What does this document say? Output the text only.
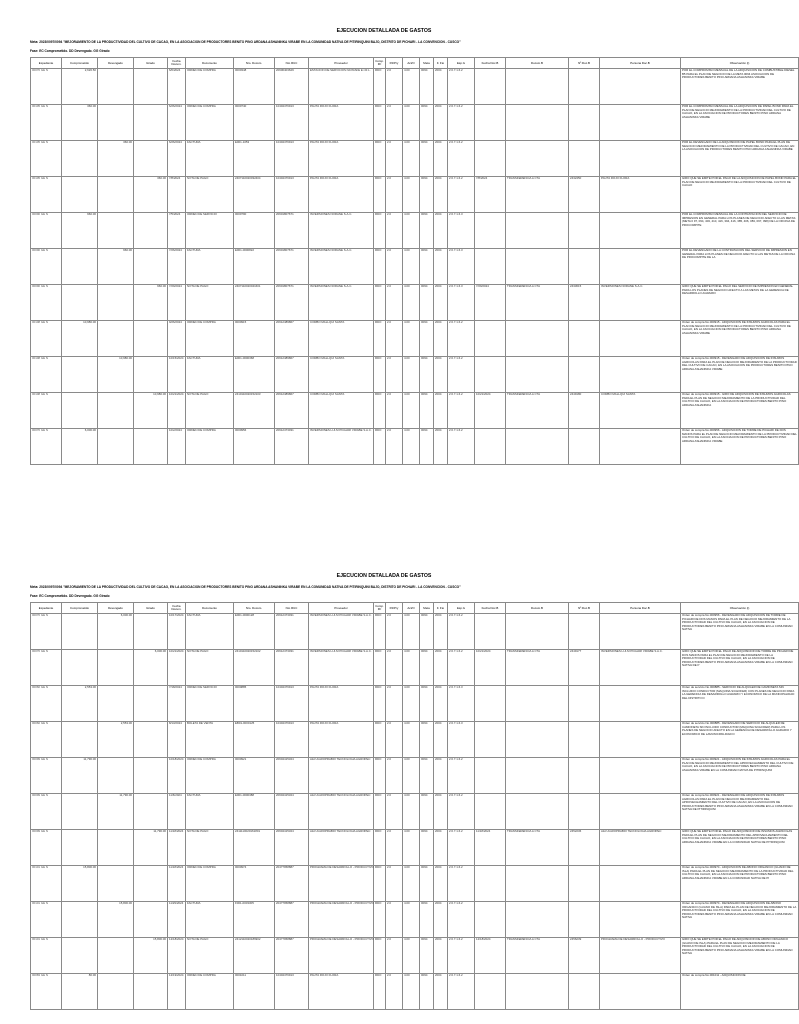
EJECUCION DETALLADA DE GASTOS
Meta: 2023/0097/0094 "MEJORAMIENTO DE LA PRODUCTIVIDAD DEL CULTIVO DE CACAO, EN LA ASOCIACION DE PRODUCTORES BENITO PINO ARDANA ASHANINKA VIRABE EN LA COMUNIDAD NATIVA DE PITIRINQUINI BAJO, DISTRITO DE PICHARI - LA CONVENCION - CUSCO"
Fase: EC Comprometido. DD Devengado. GG Girado
Expediente	Comprometido	Devengado	Girado	Fecha Docum.	Documento	Nro. Docum.	Nro RUC	Proveedor	Comp. FF	Pd/Pry	Act/O	Meta	F. Fto	Esp.G	Fecha Doc.B	Docum.B	Nº.Doc.B	Persona Doc.B	Observación (i)
00076 GE N	2,626.50			6/6/2024	ORDEN DE COMPRA	0000348	20606403629	ESTACION DE SERVICIOS NAYRAFE E.I.R.L.	RDO	2.0	4.00	0094	2004	2.6.7.1.6.2					POR EL COMPROMISO MENSUAL DE LA ADQUISICION DE COMBUSTIBLE DIESEL B5 PARA EL PLAN DE NEGOCIO DE LA META 0094 ASOCIACION DE PRODUCTORES BENITO PINO ARDANA ASHANINKA VIRABE
00105 GE N	360.00			6/26/2024	ORDEN DE COMPRA	0000740	10404476913	PAUTA ROJO FLORA	RDO	2.0	4.00	0094	2004	2.6.7.1.6.2					POR EL COMPROMISO MENSUAL DE LA ADQUISICION DE PAPEL BOND PARA EL PLAN DE NEGOCIO MEJORAMIENTO DE LA PRODUCTIVIDAD DEL CULTIVO DE CACAO, EN LA ASOCIACION DE PRODUCTORES BENITO PINO ARDANA ASHANINKA VIRABE
00105 GE N		360.00		6/26/2024	FACTURA	E001-1053	10404476913	PAUTA ROJO FLORA	RDO	2.0	4.00	0094	2004	2.6.7.1.6.2					POR EL DEVENGADO DE LA ADQUISICION DE PAPEL BOND PARA EL PLAN DE NEGOCIO MEJORAMIENTO DE LA PRODUCTIVIDAD DEL CULTIVO DE CACAO, EN LA ASOCIACION DE PRODUCTORES BENITO PINO ARDANA ASHANINKA VIRABE
00105 GE N			360.00	7/8/2024	NOTA DE PAGO	2407110020032404	10404476913	PAUTA ROJO FLORA	RDO	2.0	4.00	0094	2004	2.6.7.1.6.2	7/8/2024	TRANSFERENCIA A CTA	2432450	PAUTA ROJO FLORA	GIRO QUE SE EMITE POR EL PAGO DE LA ADQUISICION DE PAPEL BOND PARA EL PLAN DE NEGOCIO MEJORAMIENTO DE LA PRODUCTIVIDAD DEL CULTIVO DE CACAO
00090 GE N	960.00			7/5/2024	ORDEN DE SERVICIO	0000790	20601807671	INVERSIONES NORANE S.A.C.	RDO	2.0	4.00	0094	2004	2.6.7.1.6.3					POR EL COMPROMISO MENSUAL DE LA CONTRATACION DEL SERVICIO DE IMPRESION EN GENERAL PARA LOS PLANES DE NEGOCIO AFECTO A LAS METAS (META 0 97, 094, 403, 410, 416, 394, 416, 385, 406, 083, 097, 098) DE LA OFICINA DE PROCOMPITE
00090 GE N		960.00		7/26/2024	FACTURA	E001-0000822	20601807671	INVERSIONES NORANE S.A.C.	RDO	2.0	4.00	0094	2004	2.6.7.1.6.3					POR EL DEVENGADO DE LA CONTRATACION DEL SERVICIO DE IMPRESION EN GENERAL PARA LOS PLANES DE NEGOCIO AFECTO A LAS METAS DE LA OFICINA DE PROCOMPITE DE LA
00090 GE N			960.00	7/29/2024	NOTA DE PAGO	2407110020041601	20601807671	INVERSIONES NORANE S.A.C.	RDO	2.0	4.00	0094	2004	2.6.7.1.6.3	7/29/2024	TRANSFERENCIA A CTA	2433615	INVERSIONES NORANE S.A.C.	GIRO QUE SE EMITE POR EL PAGO DEL SERVICIO DE IMPRESION EN GENERAL PARA LOS PLANES DE NEGOCIO AFECTO A LAS METAS DE LA GERENCIA DE DESARROLLO AGRARIO
00108 GE N	10,980.00			9/26/2024	ORDEN DE COMPRA	0000915	20612489867	CORBO MALLQUI SANTA	RDO	2.0	4.00	0094	2004	2.6.7.1.6.2					Orden de compra No.000915 - ADQUISICION DE INSUMOS AGRICOLAS PARA EL PLAN DE NEGOCIO MEJORAMIENTO DE LA PRODUCTIVIDAD DEL CULTIVO DE CACAO, EN LA ASOCIACION DE PRODUCTORES BENITO PINO ARDANA ASHANINKA VIRABE
00108 GE N		10,980.00		10/15/2024	FACTURA	E001-0000368	20612489867	CORBO MALLQUI SANTA	RDO	2.0	4.00	0094	2004	2.6.7.1.6.2					Orden de compra No.000915 - DEVENGADO DE ADQUISICION DE INSUMOS AGRICOLAS PARA EL PLAN DE NEGOCIO MEJORAMIENTO DE LA PRODUCTIVIDAD DEL CULTIVO DE CACAO, EN LA ASOCIACION DE PRODUCTORES BENITO PINO ARDANA ASHANINKA VIRABE
00108 GE N			10,980.00	10/21/2024	NOTA DE PAGO	2410110020152103	20612489867	CORBO MALLQUI SANTA	RDO	2.0	4.00	0094	2004	2.6.7.1.6.2	10/21/2024	TRANSFERENCIA A CTA	2449180	CORBO MALLQUI SANTA	Orden de compra No.000915 - GIRO DE ADQUISICION DE INSUMOS AGRICOLAS PARA EL PLAN DE NEGOCIO MEJORAMIENTO DE LA PRODUCTIVIDAD DEL CULTIVO DE CACAO, EN LA ASOCIACION DE PRODUCTORES BENITO PINO ARDANA ASHANINKA
00076 GE N	6,000.00			10/2/2024	ORDEN DE COMPRA	0000956	20612473031	INVERSIONES H & M PICHARI VIRABE S.A.C.	RDO	2.0	4.00	0094	2004	2.6.7.1.6.2					Orden de compra No.000956 - ADQUISICION DE TORRE DE PICHARI DE DOS MANOS PARA EL PLAN DE NEGOCIO MEJORAMIENTO DE LA PRODUCTIVIDAD DEL CULTIVO DE CACAO, EN LA ASOCIACION DE PRODUCTORES BENITO PINO ARDANA ASHANINKA VIRABE
EJECUCION DETALLADA DE GASTOS
Meta: 2023/0097/0094 "MEJORAMIENTO DE LA PRODUCTIVIDAD DEL CULTIVO DE CACAO, EN LA ASOCIACION DE PRODUCTORES BENITO PINO ARDANA ASHANINKA VIRABE EN LA COMUNIDAD NATIVA DE PITIRINQUINI BAJO, DISTRITO DE PICHARI - LA CONVENCION - CUSCO"
Fase: EC Comprometido. DD Devengado. GG Girado
Expediente	Comprometido	Devengado	Girado	Fecha Docum.	Documento	Nro. Docum.	Nro RUC	Proveedor	Comp. FF	Pd/Pry	Act/O	Meta	F. Fto	Esp.G	Fecha Doc.B	Docum.B	Nº.Doc.B	Persona Doc.B	Observación (i)
00076 GE N		6,000.00		10/17/2024	FACTURA	E001-0000128	20612473031	INVERSIONES H & M PICHARI VIRABE S.A.C.	RDO	2.0	4.00	0094	2004	2.6.7.1.6.2					Orden de compra No.000956 - DEVENGADO DE ADQUISICION DE TORRE DE PICHARI DE DOS MANOS PARA EL PLAN DE NEGOCIO MEJORAMIENTO DE LA PRODUCTIVIDAD DEL CULTIVO DE CACAO, EN LA ASOCIACION DE PRODUCTORES BENITO PINO ARDANA ASHANINKA VIRABE EN LA COMUNIDAD NATIVA
00076 GE N			6,000.00	10/21/2024	NOTA DE PAGO	2410110020152102	20612473031	INVERSIONES H & M PICHARI VIRABE S.A.C.	RDO	2.0	4.00	0094	2004	2.6.7.1.6.2	10/21/2024	TRANSFERENCIA A CTA	2449177	INVERSIONES H & M PICHARI VIRABE S.A.C.	GIRO QUE SE EMITE POR EL PAGO DE ADQUISICION DE TORRE DE PICHARI DE DOS MANOS PARA EL PLAN DE NEGOCIO MEJORAMIENTO DE LA PRODUCTIVIDAD DEL CULTIVO DE CACAO, EN LA ASOCIACION DE PRODUCTORES BENITO PINO ARDANA ASHANINKA VIRABE EN LA COMUNIDAD NATIVA DE P
00060 GE N	2,553.00			7/18/2024	ORDEN DE SERVICIO	0000885	10404476913	PAUTA ROJO FLORA	RDO	2.0	4.00	0094	2004	2.6.7.1.6.3					Orden de servicio No.000885 - SERVICIO DE ALQUILER DE CAMIONETA SIN INCLUIDO CONDUCTOR (MAQUINA S/CHOFER) CON PLANES DE NEGOCIO PARA LA GERENCIA DE DESARROLLO AGRARIO Y ECONOMICO DE LA MUNICIPALIDAD DEL DISTRITO D
00060 GE N		2,553.00		8/13/2024	BOLETA DE VENTA	EB01-0000125	10404476913	PAUTA ROJO FLORA	RDO	2.0	4.00	0094	2004	2.6.7.1.6.3					Orden de servicio No.000885 - DEVENGADO DE SERVICIO DE ALQUILER DE CAMIONETA SIN INCLUIDO CONDUCTOR (MAQUINA S/CHOFER) PARA LOS PLANES DE NEGOCIO AFECTO EN LA GERENCIA DE DESARROLLO AGRARIO Y ECONOMICO DE LAMUNICIPALIDAD D
00099 GE N	11,790.00			10/18/2024	ORDEN DE COMPRA	0000921	20604415324	A&V AGROPRABIO TECNOLOGIA AGROPEC	RDO	2.0	4.00	0094	2004	2.6.7.1.6.2					Orden de compra No.000921 - ADQUISICION DE INSUMOS AGRICOLAS PARA EL PLAN DE NEGOCIO MEJORAMIENTO DEL APROVECHAMIENTO DEL CULTIVO DE CACAO, EN LA ASOCIACION DE PRODUCTORES BENITO PINO ARDANA ASHANINKA VIRABE EN LA COMUNIDAD NATIVA DE PITIRINQUINI
00099 GE N		11,790.00		11/6/2024	FACTURA	E001-0000388	20604415324	A&V AGROPRABIO TECNOLOGIA AGROPEC	RDO	2.0	4.00	0094	2004	2.6.7.1.6.2					Orden de compra No.000921 - DEVENGADO DE ADQUISICION DE INSUMOS AGRICOLAS PARA EL PLAN DE NEGOCIO MEJORAMIENTO DEL APROVECHAMIENTO DEL CULTIVO DE CACAO, EN LA ASOCIACION DE PRODUCTORES BENITO PINO ARDANA ASHANINKA VIRABE EN LA COMUNIDAD NATIVA DE PITIRINQUINI
00099 GE N			11,790.00	11/18/2024	NOTA DE PAGO	2411110020161801	20604415324	A&V AGROPRABIO TECNOLOGIA AGROPEC	RDO	2.0	4.00	0094	2004	2.6.7.1.6.2	11/18/2024	TRANSFERENCIA A CTA	2452236	A&V AGROPRABIO TECNOLOGIA AGROPEC	GIRO QUE SE EMITE POR EL PAGO DE ADQUISICION DE INSUMOS AGRICOLAS PARA EL PLAN DE NEGOCIO MEJORAMIENTO DEL APROVECHAMIENTO DEL CULTIVO DE CACAO, EN LA ASOCIACION DE PRODUCTORES BENITO PINO ARDANA ASHANINKA VIRABE EN LA COMUNIDAD NATIVA DE PITIRINQUINI
00101 GE N	15,800.00			11/18/2024	ORDEN DE COMPRA	0000974	20477958887	PROGRAMA DE DESARROLLO - PRODUCTIVO	RDO	2.0	4.00	0094	2004	2.6.7.1.6.2					Orden de compra No.000974 - ADQUISICION DE ABONO ORGANICO (GUANO DE ISLA) PARA EL PLAN DE NEGOCIO MEJORAMIENTO DE LA PRODUCTIVIDAD DEL CULTIVO DE CACAO, EN LA ASOCIACION DE PRODUCTORES BENITO PINO ARDANA ASHANINKA VIRABE EN LA COMUNIDAD NATIVA DE PI
00101 GE N		15,800.00		11/29/2024	FACTURA	F001-0003305	20477958887	PROGRAMA DE DESARROLLO - PRODUCTIVO	RDO	2.0	4.00	0094	2004	2.6.7.1.6.2					Orden de compra No.000974 - DEVENGADO DE ADQUISICION DE ABONO ORGANICO (GUANO DE ISLA) PARA EL PLAN DE NEGOCIO MEJORAMIENTO DE LA PRODUCTIVIDAD DEL CULTIVO DE CACAO, EN LA ASOCIACION DE PRODUCTORES BENITO PINO ARDANA ASHANINKA VIRABE EN LA COMUNIDAD NATIVA
00101 GE N			15,800.00	12/18/2024	NOTA DE PAGO	2412110020186902	20477958887	PROGRAMA DE DESARROLLO - PRODUCTIVO	RDO	2.0	4.00	0094	2004	2.6.7.1.6.2	12/18/2024	TRANSFERENCIA A CTA	2456239	PROGRAMA DE DESARROLLO - PRODUCTIVO	GIRO QUE SE EMITE POR EL PAGO DE ADQUISICION DE ABONO ORGANICO (GUANO DE ISLA) PARA EL PLAN DE NEGOCIO MEJORAMIENTO DE LA PRODUCTIVIDAD DEL CULTIVO DE CACAO, EN LA ASOCIACION DE PRODUCTORES BENITO PINO ARDANA ASHANINKA VIRABE EN LA COMUNIDAD NATIVA
00083 GE N	80.00			12/19/2024	ORDEN DE COMPRA	0001011	10404476913	PAUTA ROJO FLORA	RDO	2.0	4.00	0094	2004	2.6.7.1.6.2					Orden de compra No.001011 - ADQUISICION DE
